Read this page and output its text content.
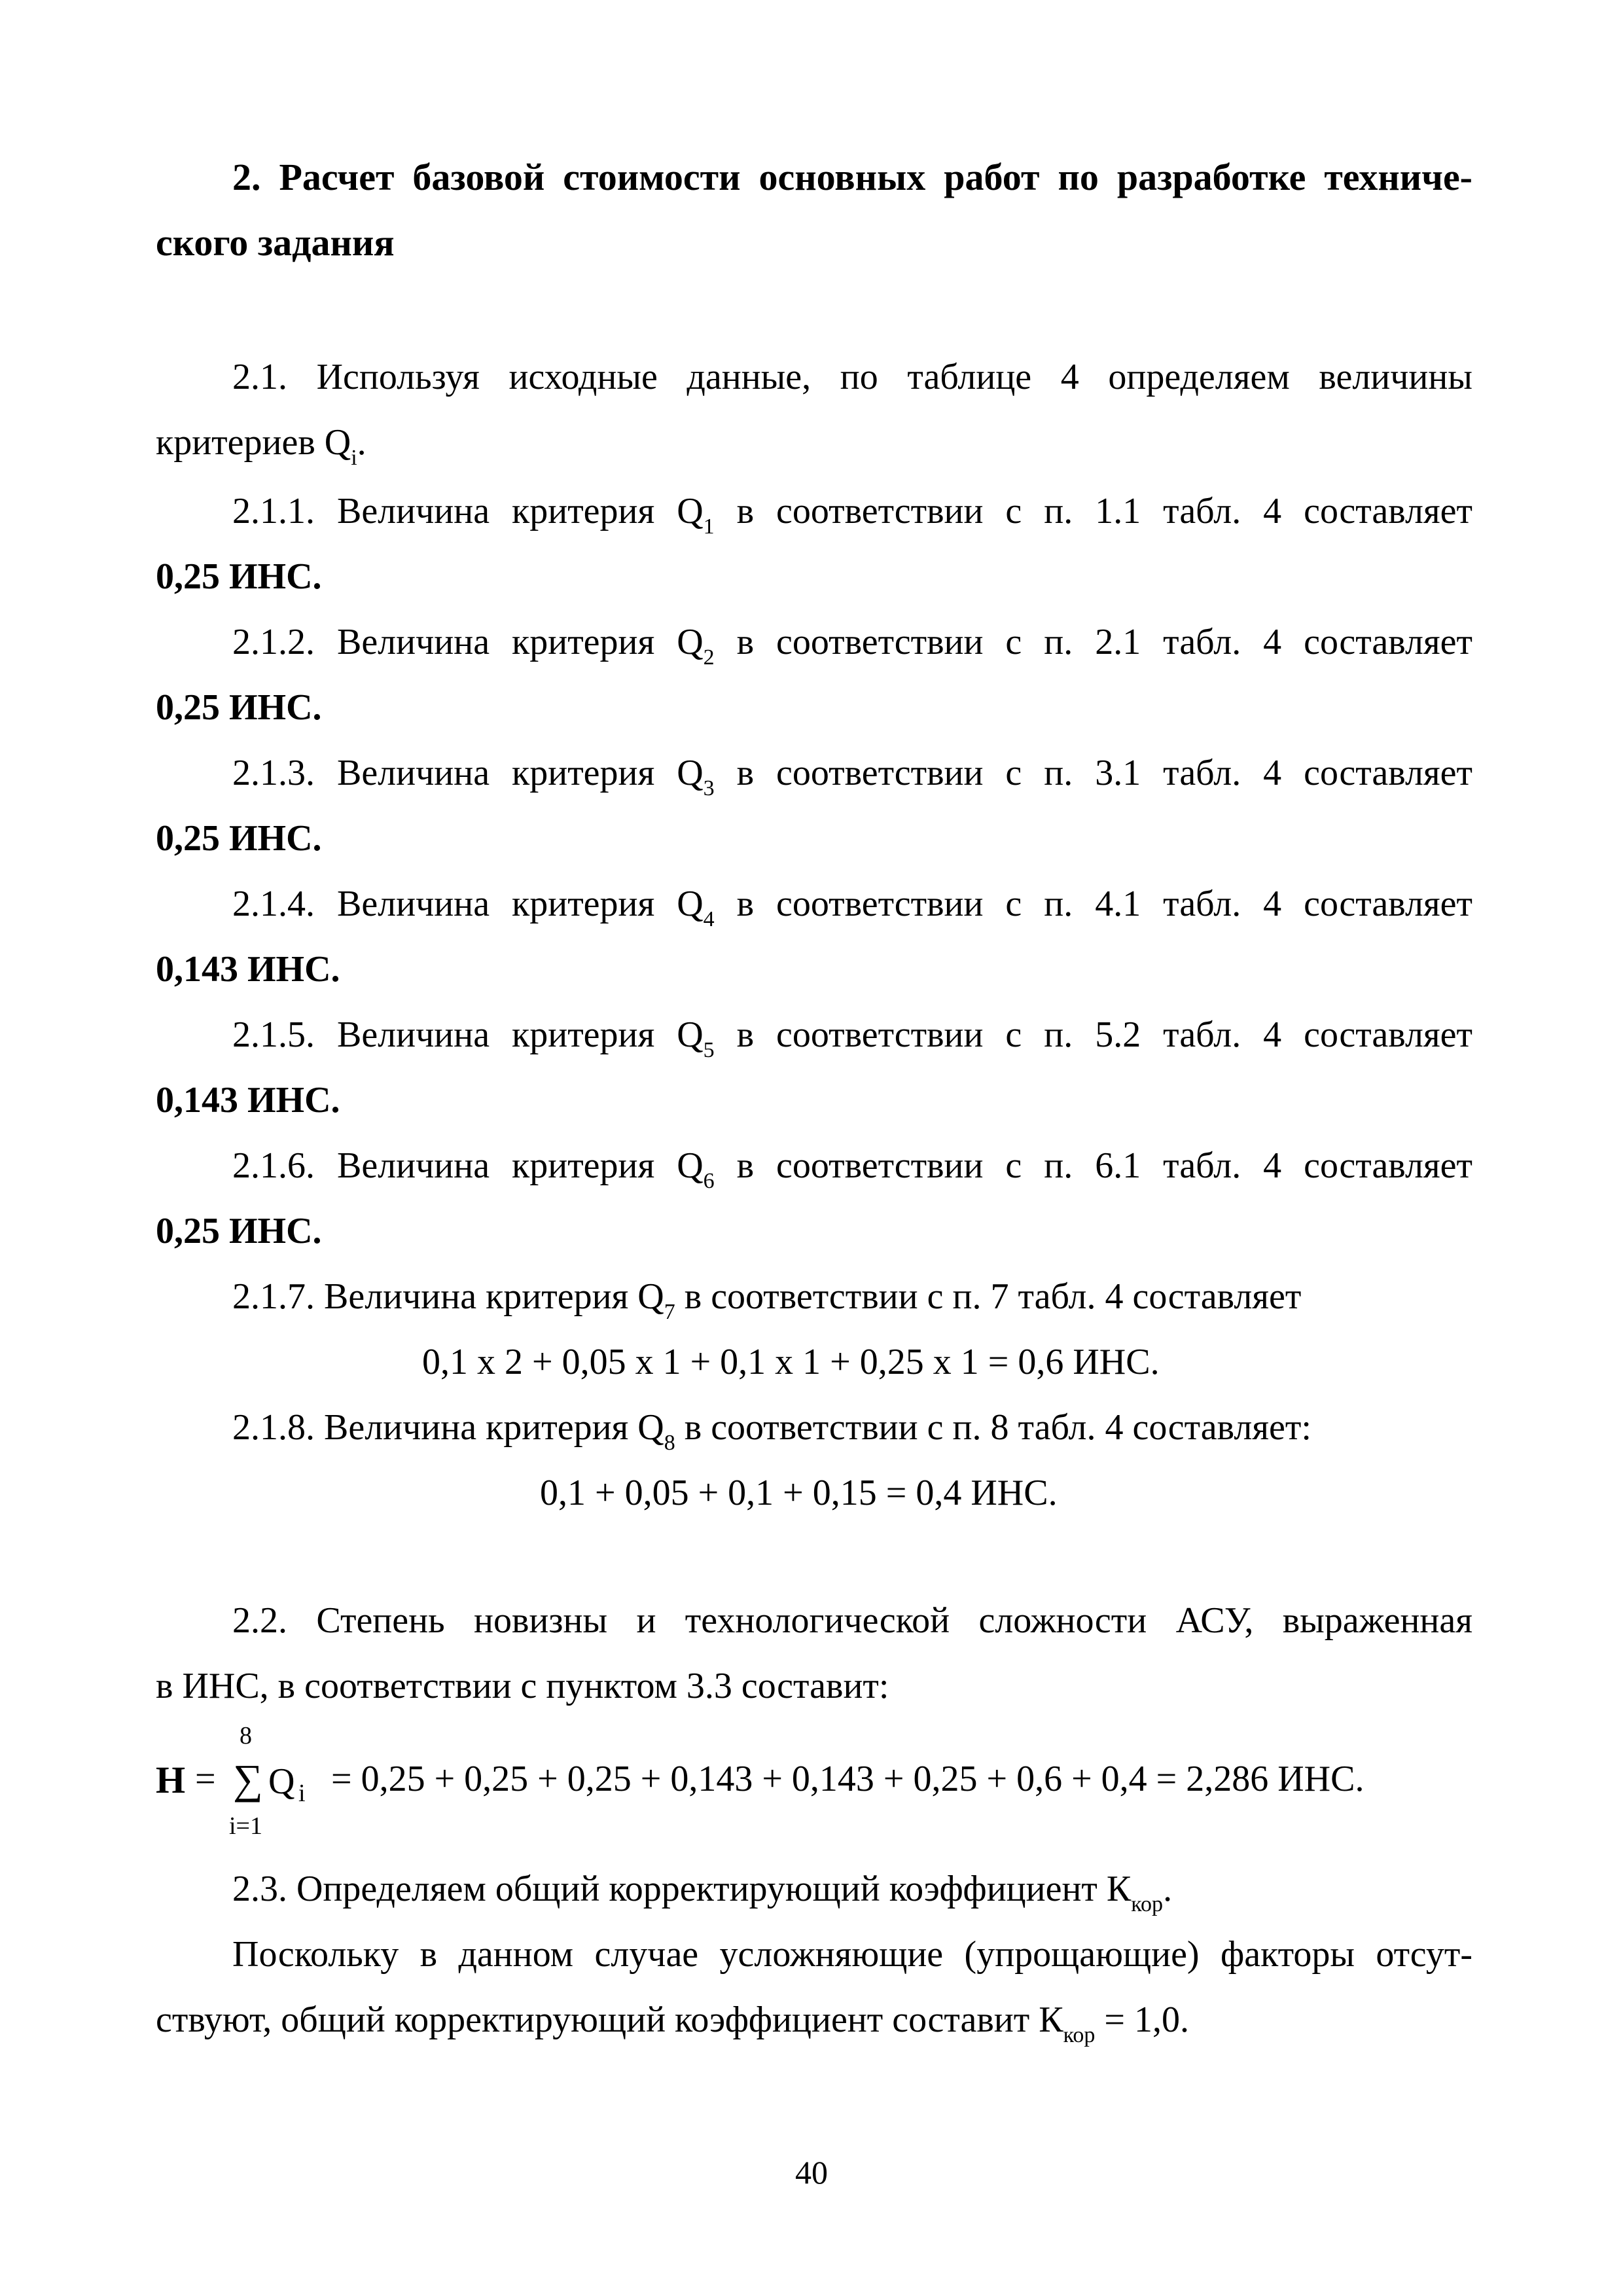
2. Расчет базовой стоимости основных работ по разработке техниче-
ского задания
2.1. Используя исходные данные, по таблице 4 определяем величины
критериев $Q_i$.
2.1.1. Величина критерия $Q_1$ в соответствии с п. 1.1 табл. 4 составляет
0,25 ИНС.
2.1.2. Величина критерия $Q_2$ в соответствии с п. 2.1 табл. 4 составляет
0,25 ИНС.
2.1.3. Величина критерия $Q_3$ в соответствии с п. 3.1 табл. 4 составляет
0,25 ИНС.
2.1.4. Величина критерия $Q_4$ в соответствии с п. 4.1 табл. 4 составляет
0,143 ИНС.
2.1.5. Величина критерия $Q_5$ в соответствии с п. 5.2 табл. 4 составляет
0,143 ИНС.
2.1.6. Величина критерия $Q_6$ в соответствии с п. 6.1 табл. 4 составляет
0,25 ИНС.
2.1.7. Величина критерия $Q_7$ в соответствии с п. 7 табл. 4 составляет
0,1 х 2 + 0,05 х 1 + 0,1 х 1 + 0,25 х 1 = 0,6 ИНС.
2.1.8. Величина критерия $Q_8$ в соответствии с п. 8 табл. 4 составляет:
0,1 + 0,05 + 0,1 + 0,15 = 0,4 ИНС.
2.2. Степень новизны и технологической сложности АСУ, выраженная
в ИНС, в соответствии с пунктом 3.3 составит:
Н =
8
∑
i=1
Q i = 0,25 + 0,25 + 0,25 + 0,143 + 0,143 + 0,25 + 0,6 + 0,4 = 2,286 ИНС.
2.3. Определяем общий корректирующий коэффициент $К_{кор}$.
Поскольку в данном случае усложняющие (упрощающие) факторы отсут-
ствуют, общий корректирующий коэффициент составит $К_{кор} = 1,0$.
40
